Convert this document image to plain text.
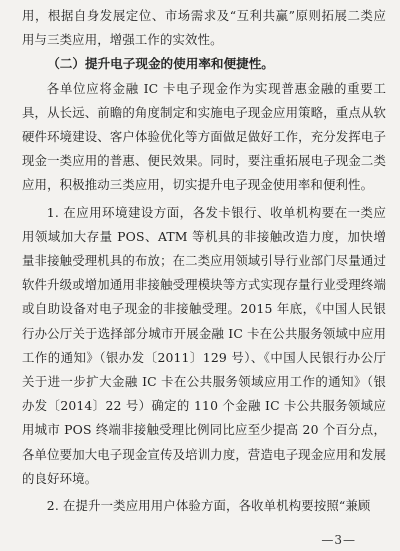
用，根据自身发展定位、市场需求及“互利共赢”原则拓展二类应用与三类应用，增强工作的实效性。

（二）提升电子现金的使用率和便捷性。

各单位应将金融 IC 卡电子现金作为实现普惠金融的重要工具，从长远、前瞻的角度制定和实施电子现金应用策略，重点从软硬件环境建设、客户体验优化等方面做足做好工作，充分发挥电子现金一类应用的普惠、便民效果。同时，要注重拓展电子现金二类应用，积极推动三类应用，切实提升电子现金使用率和便利性。

1. 在应用环境建设方面，各发卡银行、收单机构要在一类应用领域加大存量 POS、ATM 等机具的非接触改造力度，加快增量非接触受理机具的布放；在二类应用领域引导行业部门尽量通过软件升级或增加通用非接触受理模块等方式实现存量行业受理终端或自助设备对电子现金的非接触受理。2015 年底，《中国人民银行办公厅关于选择部分城市开展金融 IC 卡在公共服务领域中应用工作的通知》（银办发〔2011〕129 号）、《中国人民银行办公厅关于进一步扩大金融 IC 卡在公共服务领域应用工作的通知》（银办发〔2014〕22 号）确定的 110 个金融 IC 卡公共服务领域应用城市 POS 终端非接触受理比例同比应至少提高 20 个百分点，各单位要加大电子现金宣传及培训力度，营造电子现金应用和发展的良好环境。

2. 在提升一类应用用户体验方面，各收单机构要按照“兼顾

—3—
